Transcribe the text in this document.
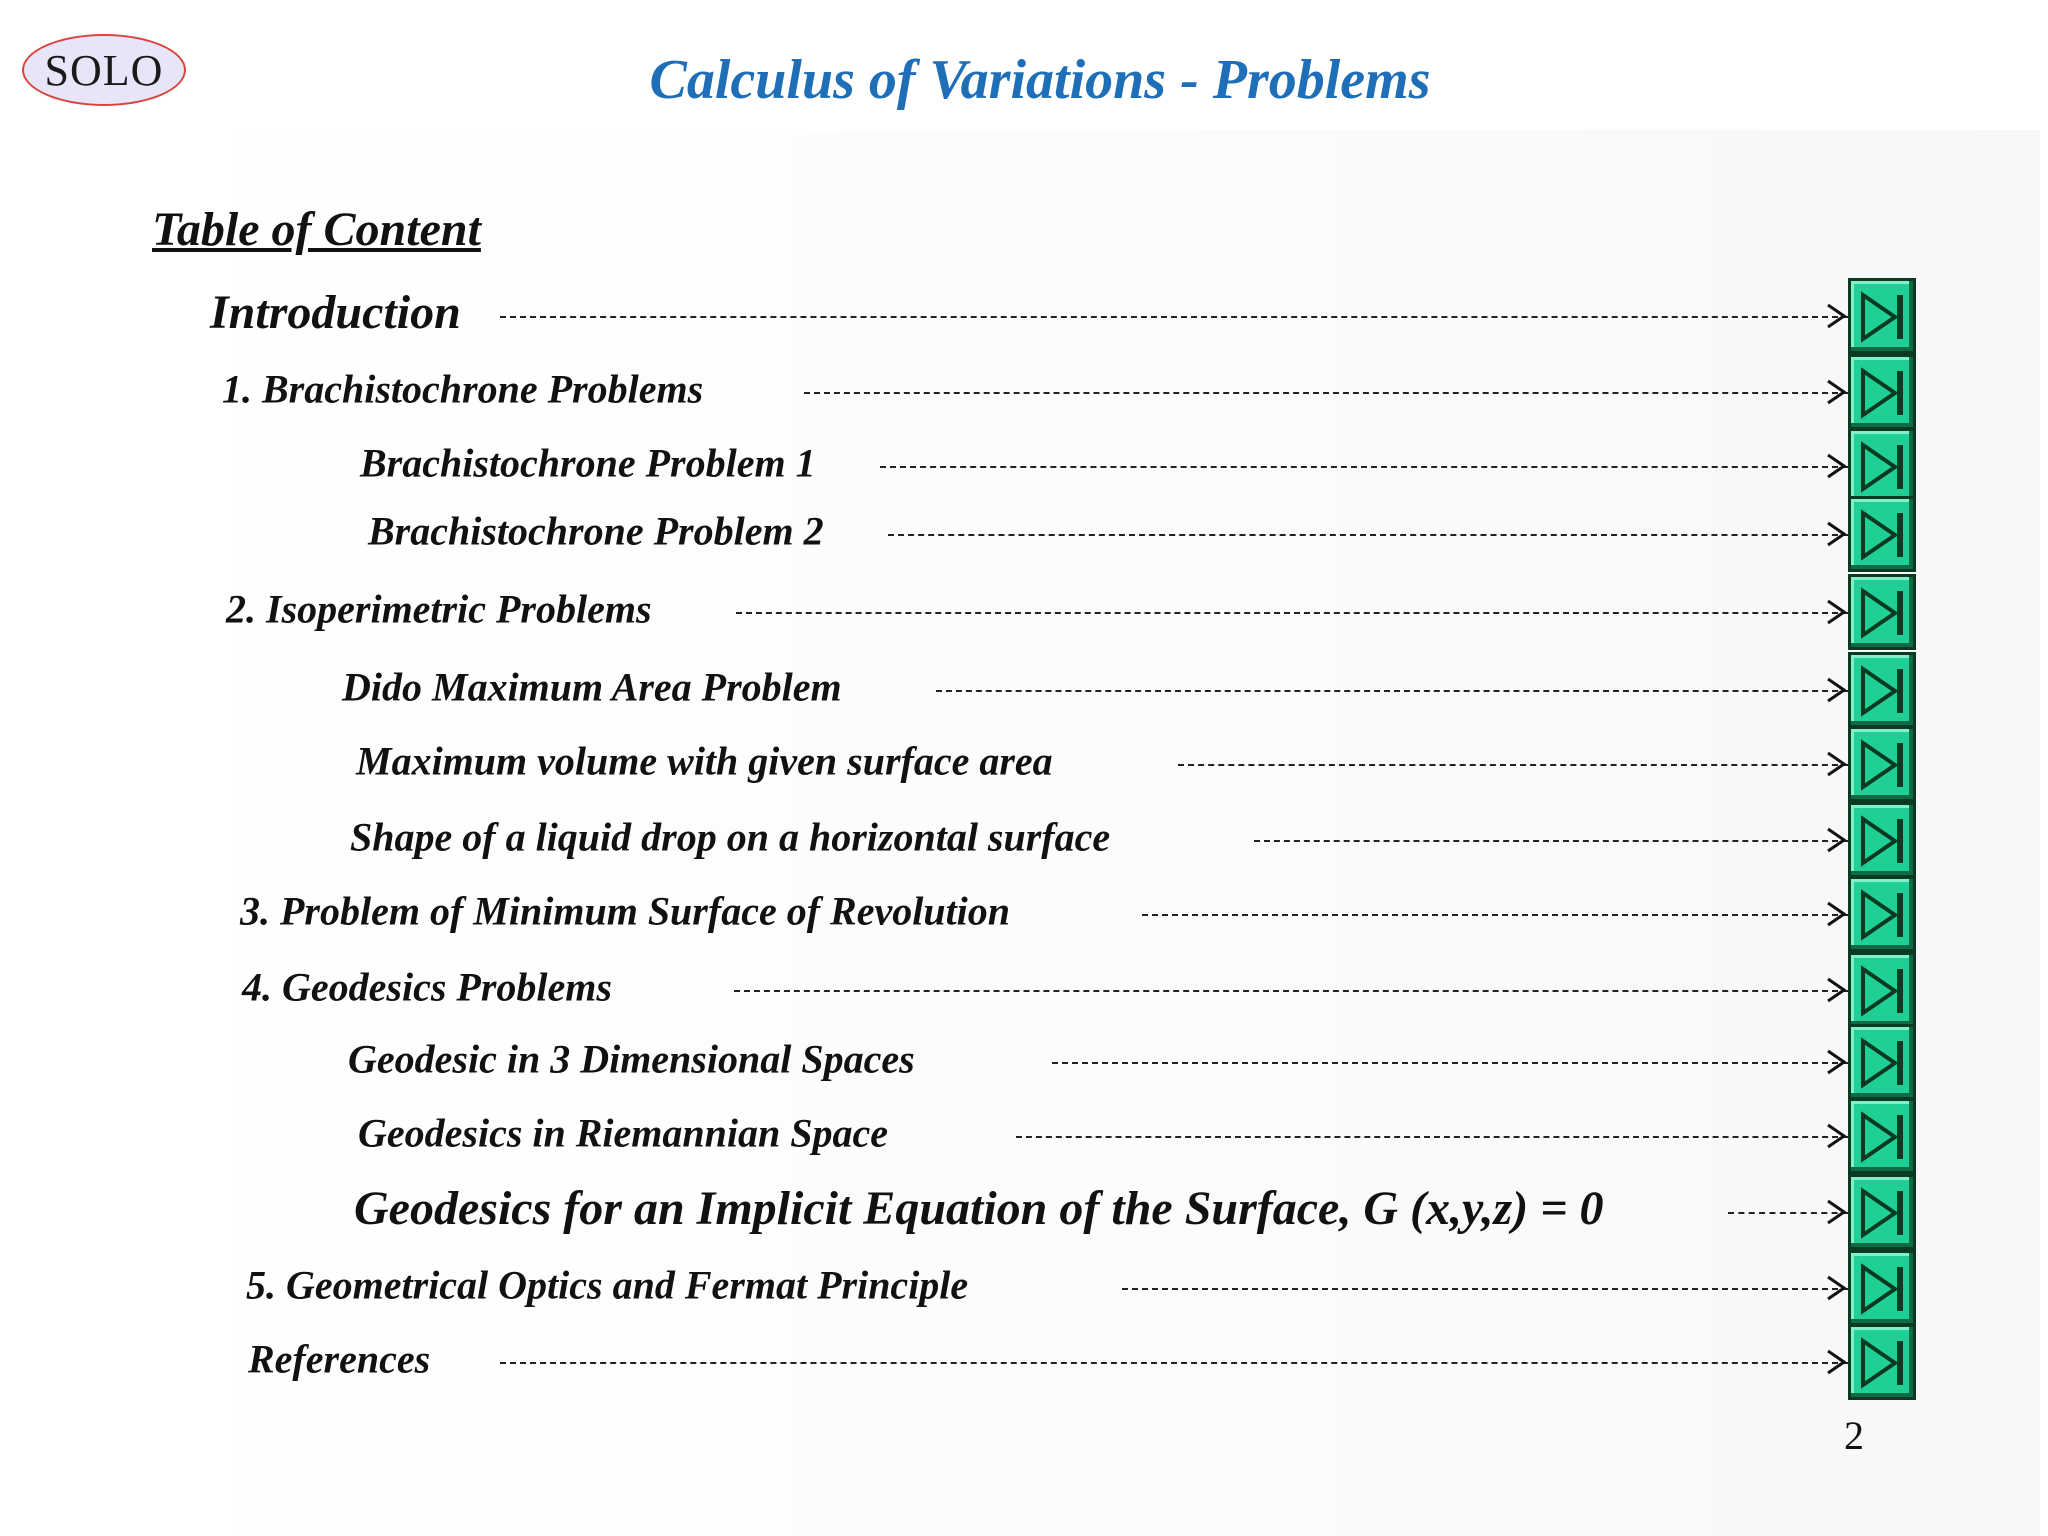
SOLO	Calculus of Variations - Problems
Table of Content
Introduction
1. Brachistochrone Problems
Brachistochrone Problem 1
Brachistochrone Problem 2
2. Isoperimetric Problems
Dido Maximum Area Problem
Maximum volume with given surface area
Shape of a liquid drop on a horizontal surface
3. Problem of Minimum Surface of Revolution
4. Geodesics Problems
Geodesic in 3 Dimensional Spaces
Geodesics in Riemannian Space
Geodesics for an Implicit Equation of the Surface, G (x,y,z) = 0
5. Geometrical Optics and Fermat Principle
References
2
